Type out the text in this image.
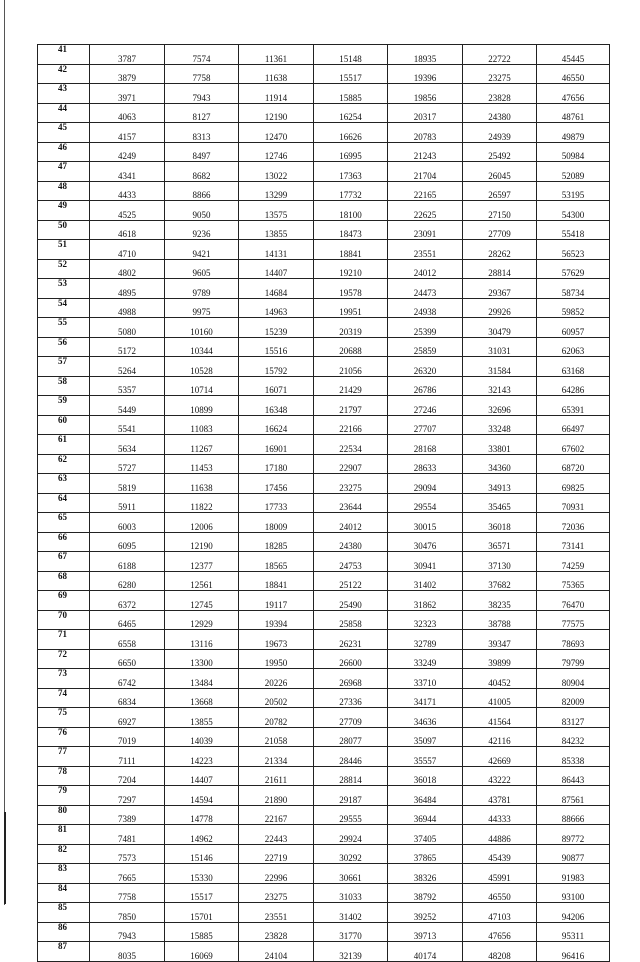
41	3787	7574	11361	15148	18935	22722	45445
42	3879	7758	11638	15517	19396	23275	46550
43	3971	7943	11914	15885	19856	23828	47656
44	4063	8127	12190	16254	20317	24380	48761
45	4157	8313	12470	16626	20783	24939	49879
46	4249	8497	12746	16995	21243	25492	50984
47	4341	8682	13022	17363	21704	26045	52089
48	4433	8866	13299	17732	22165	26597	53195
49	4525	9050	13575	18100	22625	27150	54300
50	4618	9236	13855	18473	23091	27709	55418
51	4710	9421	14131	18841	23551	28262	56523
52	4802	9605	14407	19210	24012	28814	57629
53	4895	9789	14684	19578	24473	29367	58734
54	4988	9975	14963	19951	24938	29926	59852
55	5080	10160	15239	20319	25399	30479	60957
56	5172	10344	15516	20688	25859	31031	62063
57	5264	10528	15792	21056	26320	31584	63168
58	5357	10714	16071	21429	26786	32143	64286
59	5449	10899	16348	21797	27246	32696	65391
60	5541	11083	16624	22166	27707	33248	66497
61	5634	11267	16901	22534	28168	33801	67602
62	5727	11453	17180	22907	28633	34360	68720
63	5819	11638	17456	23275	29094	34913	69825
64	5911	11822	17733	23644	29554	35465	70931
65	6003	12006	18009	24012	30015	36018	72036
66	6095	12190	18285	24380	30476	36571	73141
67	6188	12377	18565	24753	30941	37130	74259
68	6280	12561	18841	25122	31402	37682	75365
69	6372	12745	19117	25490	31862	38235	76470
70	6465	12929	19394	25858	32323	38788	77575
71	6558	13116	19673	26231	32789	39347	78693
72	6650	13300	19950	26600	33249	39899	79799
73	6742	13484	20226	26968	33710	40452	80904
74	6834	13668	20502	27336	34171	41005	82009
75	6927	13855	20782	27709	34636	41564	83127
76	7019	14039	21058	28077	35097	42116	84232
77	7111	14223	21334	28446	35557	42669	85338
78	7204	14407	21611	28814	36018	43222	86443
79	7297	14594	21890	29187	36484	43781	87561
80	7389	14778	22167	29555	36944	44333	88666
81	7481	14962	22443	29924	37405	44886	89772
82	7573	15146	22719	30292	37865	45439	90877
83	7665	15330	22996	30661	38326	45991	91983
84	7758	15517	23275	31033	38792	46550	93100
85	7850	15701	23551	31402	39252	47103	94206
86	7943	15885	23828	31770	39713	47656	95311
87	8035	16069	24104	32139	40174	48208	96416
